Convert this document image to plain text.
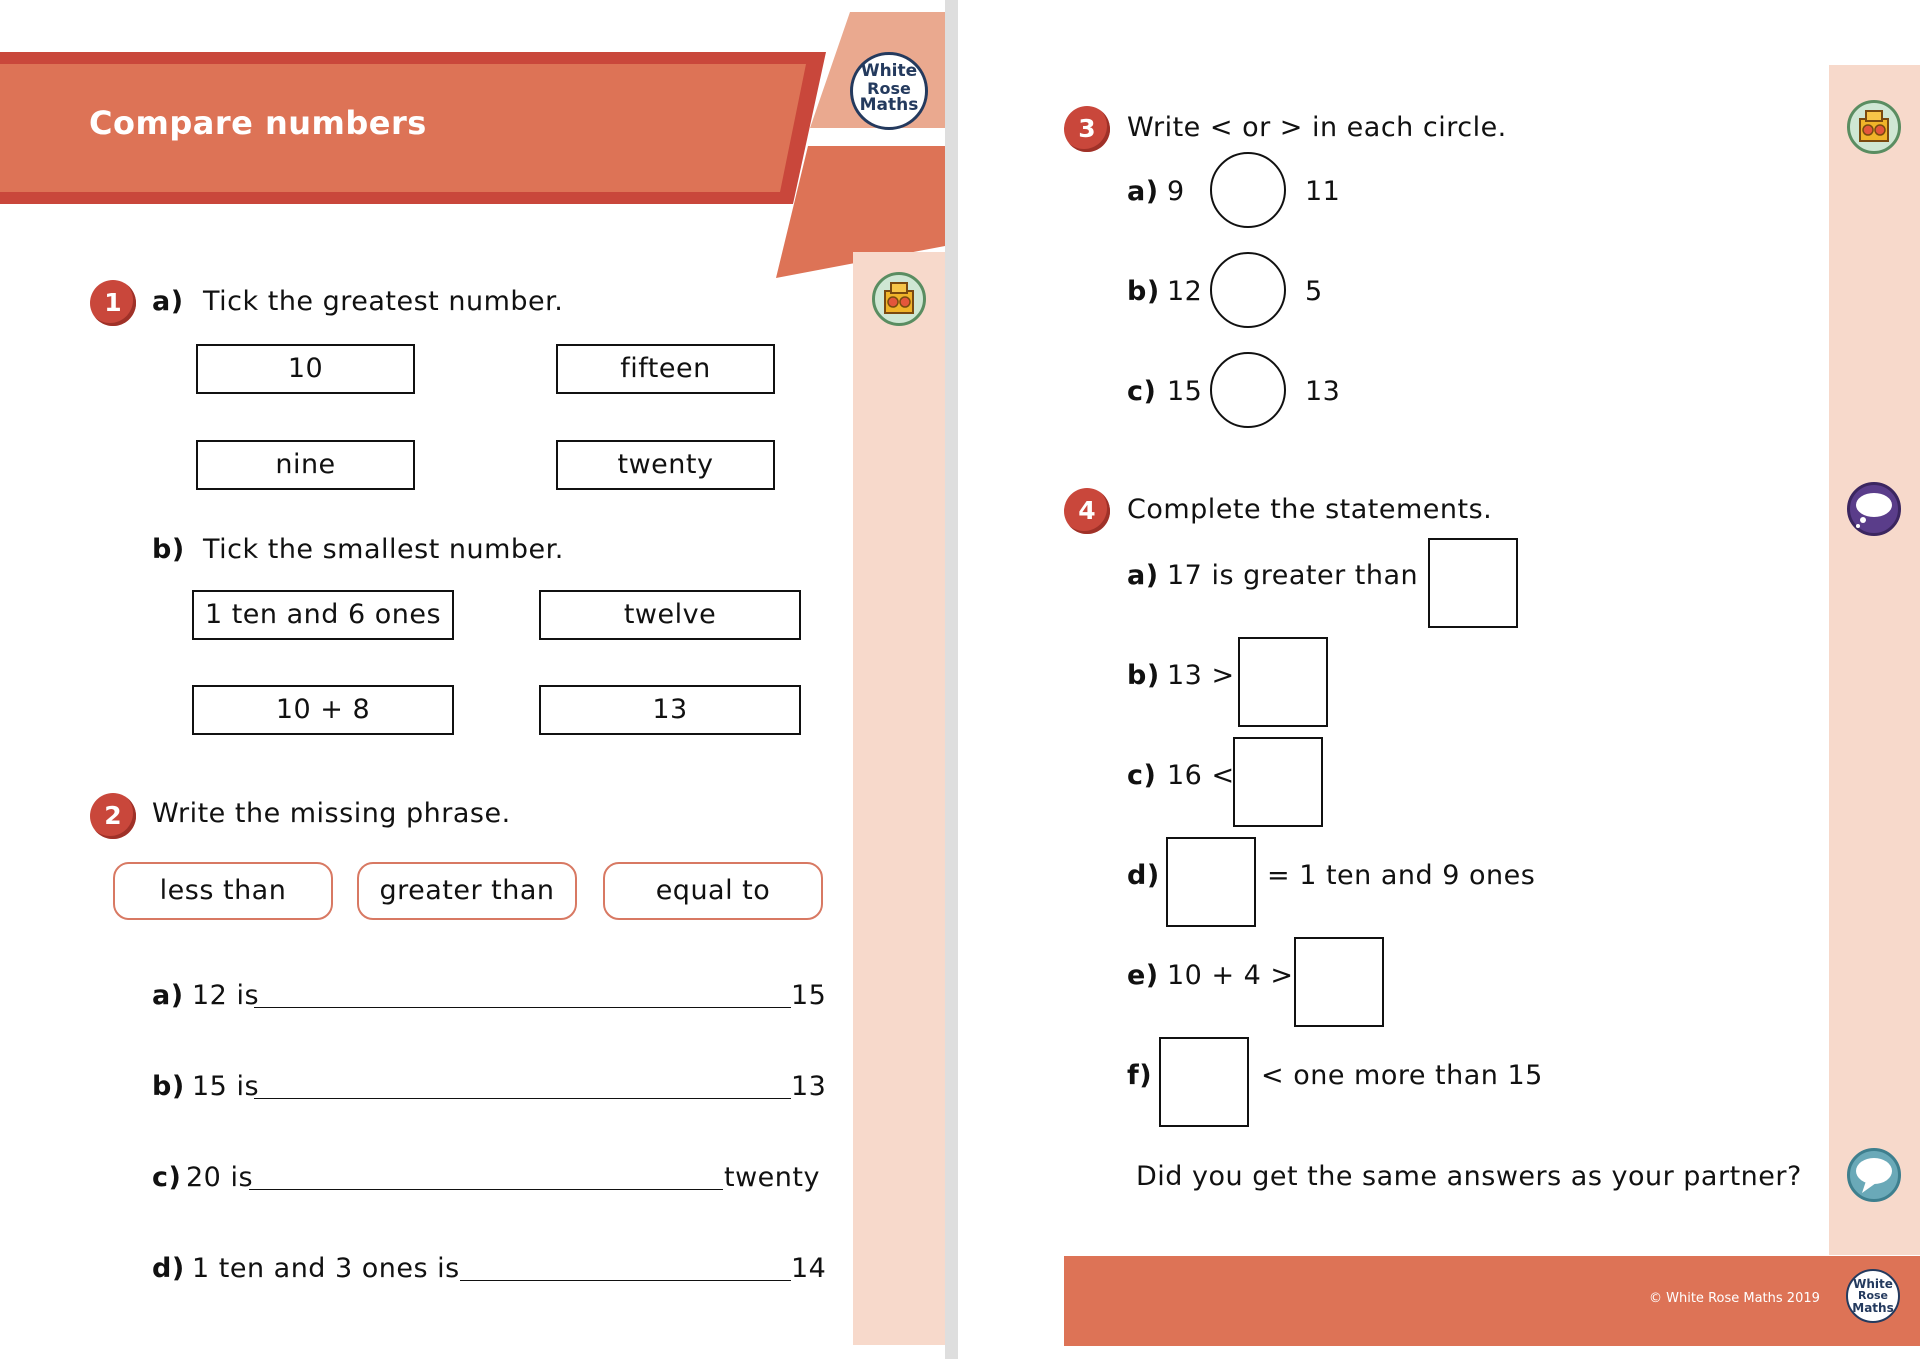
Compare numbers
White
Rose
Maths
1	a) Tick the greatest number.
10	fifteen
nine	twenty
b) Tick the smallest number.
1 ten and 6 ones	twelve
10 + 8	13
2	Write the missing phrase.
less than	greater than	equal to
a) 12 is	15
b) 15 is	13
c) 20 is	twenty
d) 1 ten and 3 ones is	14
3	Write < or > in each circle.
a) 9	11
b) 12	5
c) 15	13
4	Complete the statements.
a) 17 is greater than
b) 13 >
c) 16 <
d)	= 1 ten and 9 ones
e) 10 + 4 >
f)	< one more than 15
Did you get the same answers as your partner?
© White Rose Maths 2019
White
Rose
Maths
